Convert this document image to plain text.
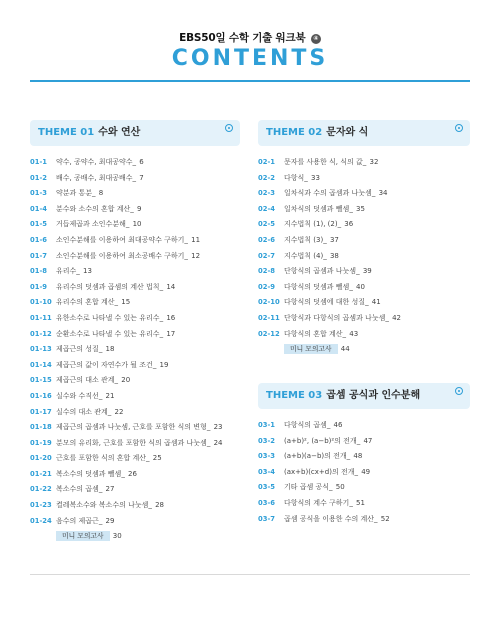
EBS50일 수학 기출 워크북 ④
CONTENTS
THEME 01 수와 연산
01-1 약수, 공약수, 최대공약수_ 6
01-2 배수, 공배수, 최대공배수_ 7
01-3 약분과 통분_ 8
01-4 분수와 소수의 혼합 계산_ 9
01-5 거듭제곱과 소인수분해_ 10
01-6 소인수분해를 이용하여 최대공약수 구하기_ 11
01-7 소인수분해를 이용하여 최소공배수 구하기_ 12
01-8 유리수_ 13
01-9 유리수의 덧셈과 곱셈의 계산 법칙_ 14
01-10 유리수의 혼합 계산_ 15
01-11 유한소수로 나타낼 수 있는 유리수_ 16
01-12 순환소수로 나타낼 수 있는 유리수_ 17
01-13 제곱근의 성질_ 18
01-14 제곱근의 값이 자연수가 될 조건_ 19
01-15 제곱근의 대소 관계_ 20
01-16 실수와 수직선_ 21
01-17 실수의 대소 관계_ 22
01-18 제곱근의 곱셈과 나눗셈, 근호를 포함한 식의 변형_ 23
01-19 분모의 유리화, 근호를 포함한 식의 곱셈과 나눗셈_ 24
01-20 근호를 포함한 식의 혼합 계산_ 25
01-21 복소수의 덧셈과 뺄셈_ 26
01-22 복소수의 곱셈_ 27
01-23 켤레복소수와 복소수의 나눗셈_ 28
01-24 음수의 제곱근_ 29
미니 모의고사 30
THEME 02 문자와 식
02-1 문자를 사용한 식, 식의 값_ 32
02-2 다항식_ 33
02-3 일차식과 수의 곱셈과 나눗셈_ 34
02-4 일차식의 덧셈과 뺄셈_ 35
02-5 지수법칙 (1), (2)_ 36
02-6 지수법칙 (3)_ 37
02-7 지수법칙 (4)_ 38
02-8 단항식의 곱셈과 나눗셈_ 39
02-9 다항식의 덧셈과 뺄셈_ 40
02-10 다항식의 덧셈에 대한 성질_ 41
02-11 단항식과 다항식의 곱셈과 나눗셈_ 42
02-12 다항식의 혼합 계산_ 43
미니 모의고사 44
THEME 03 곱셈 공식과 인수분해
03-1 다항식의 곱셈_ 46
03-2 (a+b)², (a−b)²의 전개_ 47
03-3 (a+b)(a−b)의 전개_ 48
03-4 (ax+b)(cx+d)의 전개_ 49
03-5 기타 곱셈 공식_ 50
03-6 다항식의 계수 구하기_ 51
03-7 곱셈 공식을 이용한 수의 계산_ 52
